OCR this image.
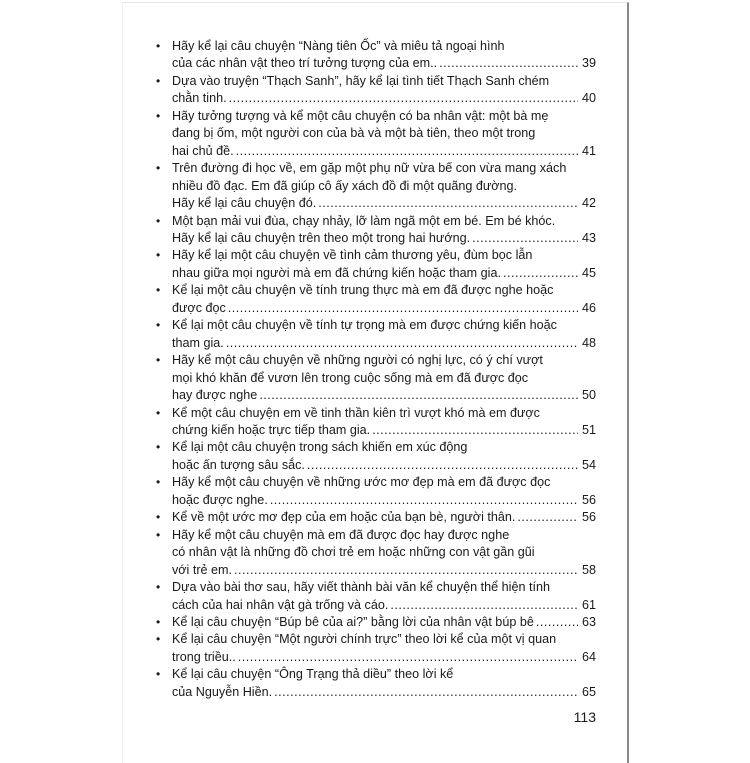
• Hãy kể lại câu chuyện “Nàng tiên Ốc” và miêu tả ngoại hình
của các nhân vật theo trí tưởng tượng của em.. .....	39
• Dựa vào truyện “Thạch Sanh”, hãy kể lại tình tiết Thạch Sanh chém
chằn tinh. .....	40
• Hãy tưởng tượng và kể một câu chuyện có ba nhân vật: một bà mẹ
đang bị ốm, một người con của bà và một bà tiên, theo một trong
hai chủ đề. .....	41
• Trên đường đi học về, em gặp một phụ nữ vừa bế con vừa mang xách
nhiều đồ đạc. Em đã giúp cô ấy xách đồ đi một quãng đường.
Hãy kể lại câu chuyện đó. .....	42
• Một bạn mải vui đùa, chạy nhảy, lỡ làm ngã một em bé. Em bé khóc.
Hãy kể lại câu chuyện trên theo một trong hai hướng. .....	43
• Hãy kể lại một câu chuyện về tình cảm thương yêu, đùm bọc lẫn
nhau giữa mọi người mà em đã chứng kiến hoặc tham gia. .....	45
• Kể lại một câu chuyện về tính trung thực mà em đã được nghe hoặc
được đọc .....	46
• Kể lại một câu chuyện về tính tự trọng mà em được chứng kiến hoặc
tham gia. .....	48
• Hãy kể một câu chuyện về những người có nghị lực, có ý chí vượt
mọi khó khăn để vươn lên trong cuộc sống mà em đã được đọc
hay được nghe .....	50
• Kể một câu chuyện em về tinh thần kiên trì vượt khó mà em được
chứng kiến hoặc trực tiếp tham gia. .....	51
• Kể lại một câu chuyện trong sách khiến em xúc động
hoặc ấn tượng sâu sắc. .....	54
• Hãy kể một câu chuyện về những ước mơ đẹp mà em đã được đọc
hoặc được nghe. .....	56
• Kể về một ước mơ đẹp của em hoặc của bạn bè, người thân. .....	56
• Hãy kể một câu chuyện mà em đã được đọc hay được nghe
có nhân vật là những đồ chơi trẻ em hoặc những con vật gần gũi
với trẻ em. .....	58
• Dựa vào bài thơ sau, hãy viết thành bài văn kể chuyện thể hiện tính
cách của hai nhân vật gà trống và cáo. .....	61
• Kể lại câu chuyện “Búp bê của ai?” bằng lời của nhân vật búp bê .....	63
• Kể lại câu chuyện “Một người chính trực” theo lời kể của một vị quan
trong triều.. .....	64
• Kể lại câu chuyện “Ông Trạng thả diều” theo lời kể
của Nguyễn Hiền. .....	65
113
